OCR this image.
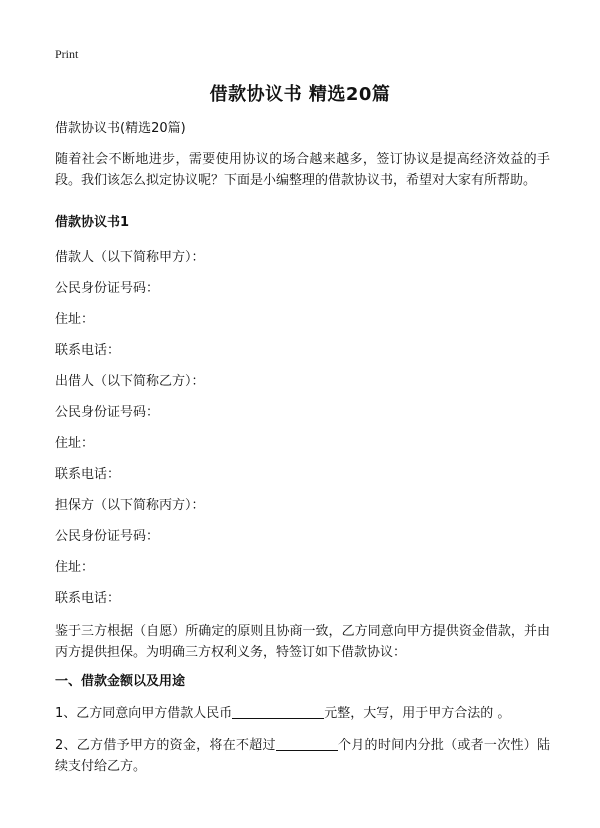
Print
借款协议书 精选20篇
借款协议书(精选20篇)
随着社会不断地进步，需要使用协议的场合越来越多，签订协议是提高经济效益的手段。我们该怎么拟定协议呢？下面是小编整理的借款协议书，希望对大家有所帮助。
借款协议书1
借款人（以下简称甲方）：
公民身份证号码：
住址：
联系电话：
出借人（以下简称乙方）：
公民身份证号码：
住址：
联系电话：
担保方（以下简称丙方）：
公民身份证号码：
住址：
联系电话：
鉴于三方根据（自愿）所确定的原则且协商一致，乙方同意向甲方提供资金借款，并由丙方提供担保。为明确三方权利义务，特签订如下借款协议：
一、借款金额以及用途
1、乙方同意向甲方借款人民币	元整，大写，用于甲方合法的 。
2、乙方借予甲方的资金，将在不超过	个月的时间内分批（或者一次性）陆续支付给乙方。
